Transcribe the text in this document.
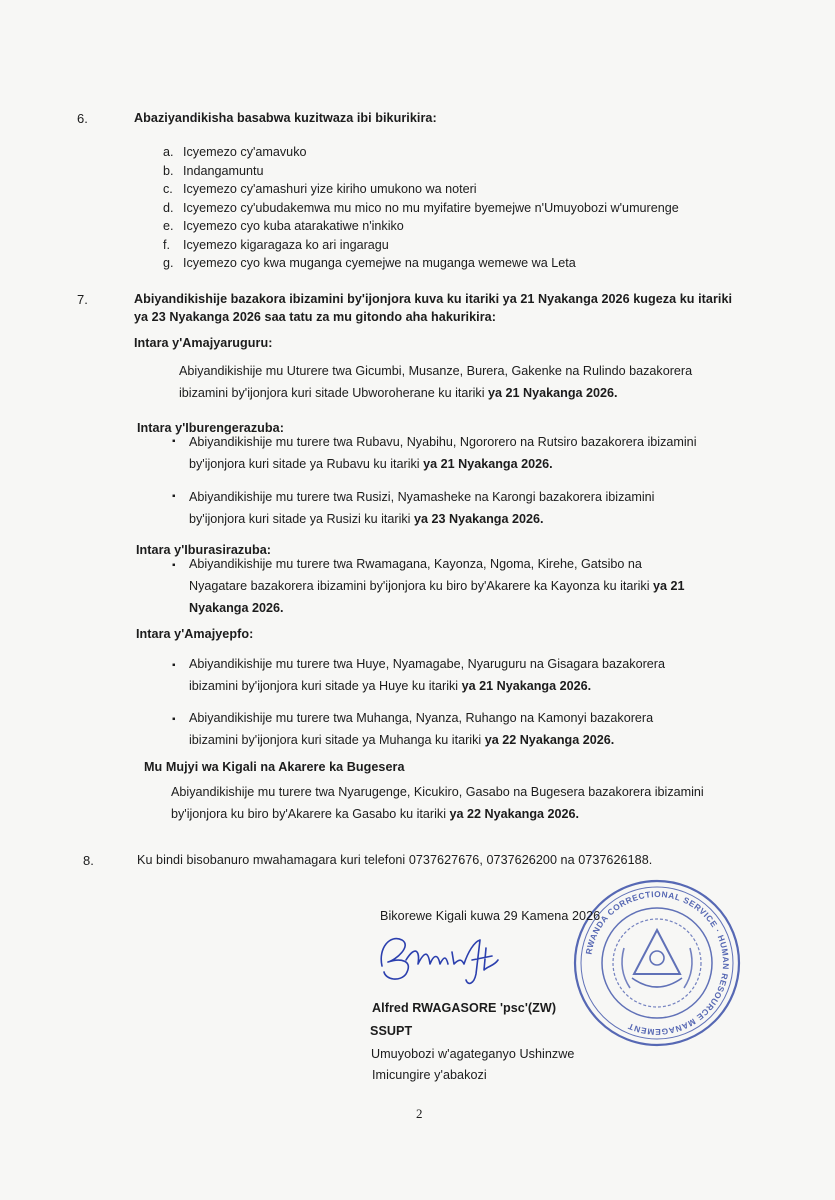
6.	Abaziyandikisha basabwa kuzitwaza ibi bikurikira:
a. Icyemezo cy'amavuko
b. Indangamuntu
c. Icyemezo cy'amashuri yize kiriho umukono wa noteri
d. Icyemezo cy'ubudakemwa mu mico no mu myifatire byemejwe n'Umuyobozi w'umurenge
e. Icyemezo cyo kuba atarakatiwe n'inkiko
f.	Icyemezo kigaragaza ko ari ingaragu
g. Icyemezo cyo kwa muganga cyemejwe na muganga wemewe wa Leta
7.	Abiyandikishije bazakora ibizamini by'ijonjora kuva ku itariki ya 21 Nyakanga 2026 kugeza ku itariki
ya 23 Nyakanga 2026 saa tatu za mu gitondo aha hakurikira:
Intara y'Amajyaruguru:
Abiyandikishije mu Uturere twa Gicumbi, Musanze, Burera, Gakenke na Rulindo bazakorera
ibizamini by'ijonjora kuri sitade Ubworoherane ku itariki ya 21 Nyakanga 2026.
Intara y'Iburengerazuba:
▪ Abiyandikishije mu turere twa Rubavu, Nyabihu, Ngororero na Rutsiro bazakorera ibizamini
by'ijonjora kuri sitade ya Rubavu ku itariki ya 21 Nyakanga 2026.
▪ Abiyandikishije mu turere twa Rusizi, Nyamasheke na Karongi bazakorera ibizamini
by'ijonjora kuri sitade ya Rusizi ku itariki ya 23 Nyakanga 2026.
Intara y'Iburasirazuba:
▪ Abiyandikishije mu turere twa Rwamagana, Kayonza, Ngoma, Kirehe, Gatsibo na
Nyagatare bazakorera ibizamini by'ijonjora ku biro by'Akarere ka Kayonza ku itariki ya 21
Nyakanga 2026.
Intara y'Amajyepfo:
▪ Abiyandikishije mu turere twa Huye, Nyamagabe, Nyaruguru na Gisagara bazakorera
ibizamini by'ijonjora kuri sitade ya Huye ku itariki ya 21 Nyakanga 2026.
▪ Abiyandikishije mu turere twa Muhanga, Nyanza, Ruhango na Kamonyi bazakorera
ibizamini by'ijonjora kuri sitade ya Muhanga ku itariki ya 22 Nyakanga 2026.
Mu Mujyi wa Kigali na Akarere ka Bugesera
Abiyandikishije mu turere twa Nyarugenge, Kicukiro, Gasabo na Bugesera bazakorera ibizamini
by'ijonjora ku biro by'Akarere ka Gasabo ku itariki ya 22 Nyakanga 2026.
8.	Ku bindi bisobanuro mwahamagara kuri telefoni 0737627676, 0737626200 na 0737626188.
RWANDA CORRECTIONAL SERVICE · HUMAN RESOURCE MANAGEMENT
Bikorewe Kigali kuwa 29 Kamena 2026
Alfred RWAGASORE 'psc'(ZW)
SSUPT
Umuyobozi w'agateganyo Ushinzwe
Imicungire y'abakozi
2
